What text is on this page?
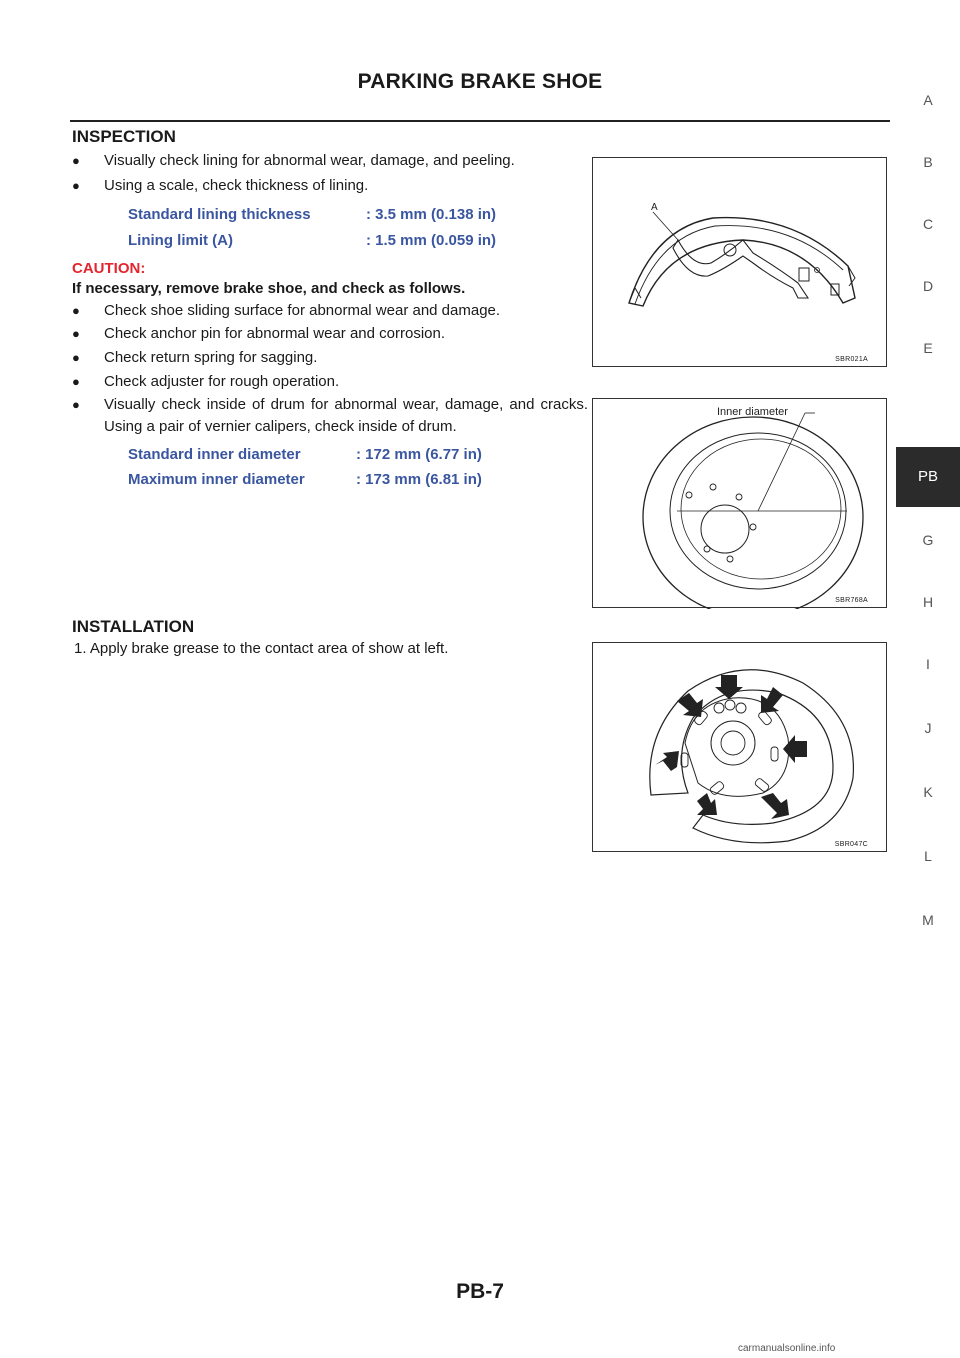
PARKING BRAKE SHOE
INSPECTION
● Visually check lining for abnormal wear, damage, and peeling.
● Using a scale, check thickness of lining.
Standard lining thickness	: 3.5 mm (0.138 in)
Lining limit (A)	: 1.5 mm (0.059 in)
CAUTION:
If necessary, remove brake shoe, and check as follows.
● Check shoe sliding surface for abnormal wear and damage.
● Check anchor pin for abnormal wear and corrosion.
● Check return spring for sagging.
● Check adjuster for rough operation.
● Visually check inside of drum for abnormal wear, damage, and cracks. Using a pair of vernier calipers, check inside of drum.
Standard inner diameter	: 172 mm (6.77 in)
Maximum inner diameter	: 173 mm (6.81 in)
INSTALLATION
1. Apply brake grease to the contact area of show at left.
A
SBR021A
Inner diameter
SBR768A
SBR047C
A
B
C
D
E
PB
G
H
I
J
K
L
M
PB-7
carmanualsonline.info
